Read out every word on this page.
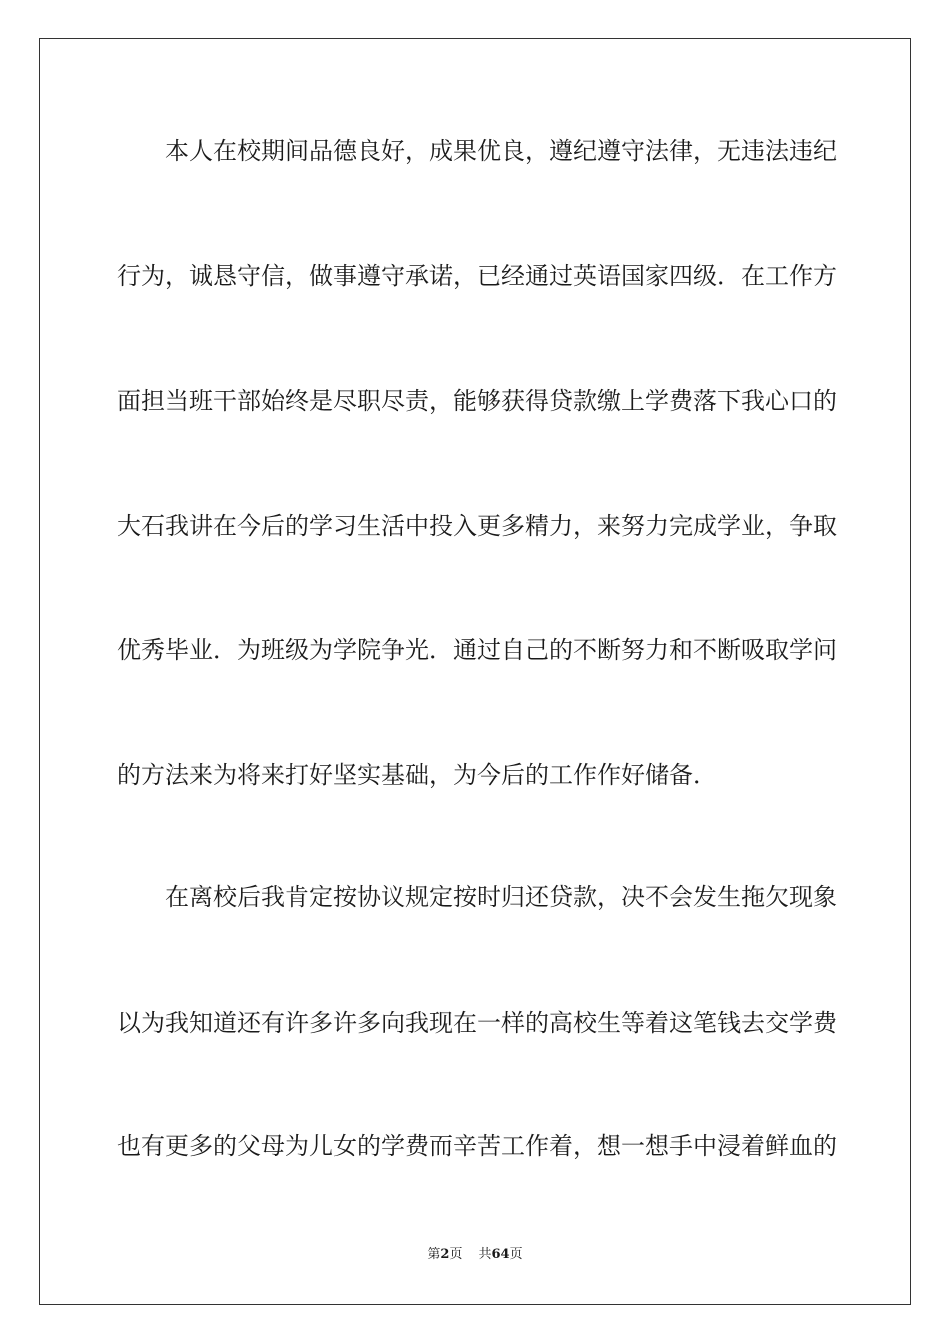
本人在校期间品德良好，成果优良，遵纪遵守法律，无违法违纪
行为，诚恳守信，做事遵守承诺，已经通过英语国家四级．在工作方
面担当班干部始终是尽职尽责，能够获得贷款缴上学费落下我心口的
大石我讲在今后的学习生活中投入更多精力，来努力完成学业，争取
优秀毕业．为班级为学院争光．通过自己的不断努力和不断吸取学问
的方法来为将来打好坚实基础，为今后的工作作好储备．
在离校后我肯定按协议规定按时归还贷款，决不会发生拖欠现象
以为我知道还有许多许多向我现在一样的高校生等着这笔钱去交学费
也有更多的父母为儿女的学费而辛苦工作着，想一想手中浸着鲜血的
第2页 共64页
